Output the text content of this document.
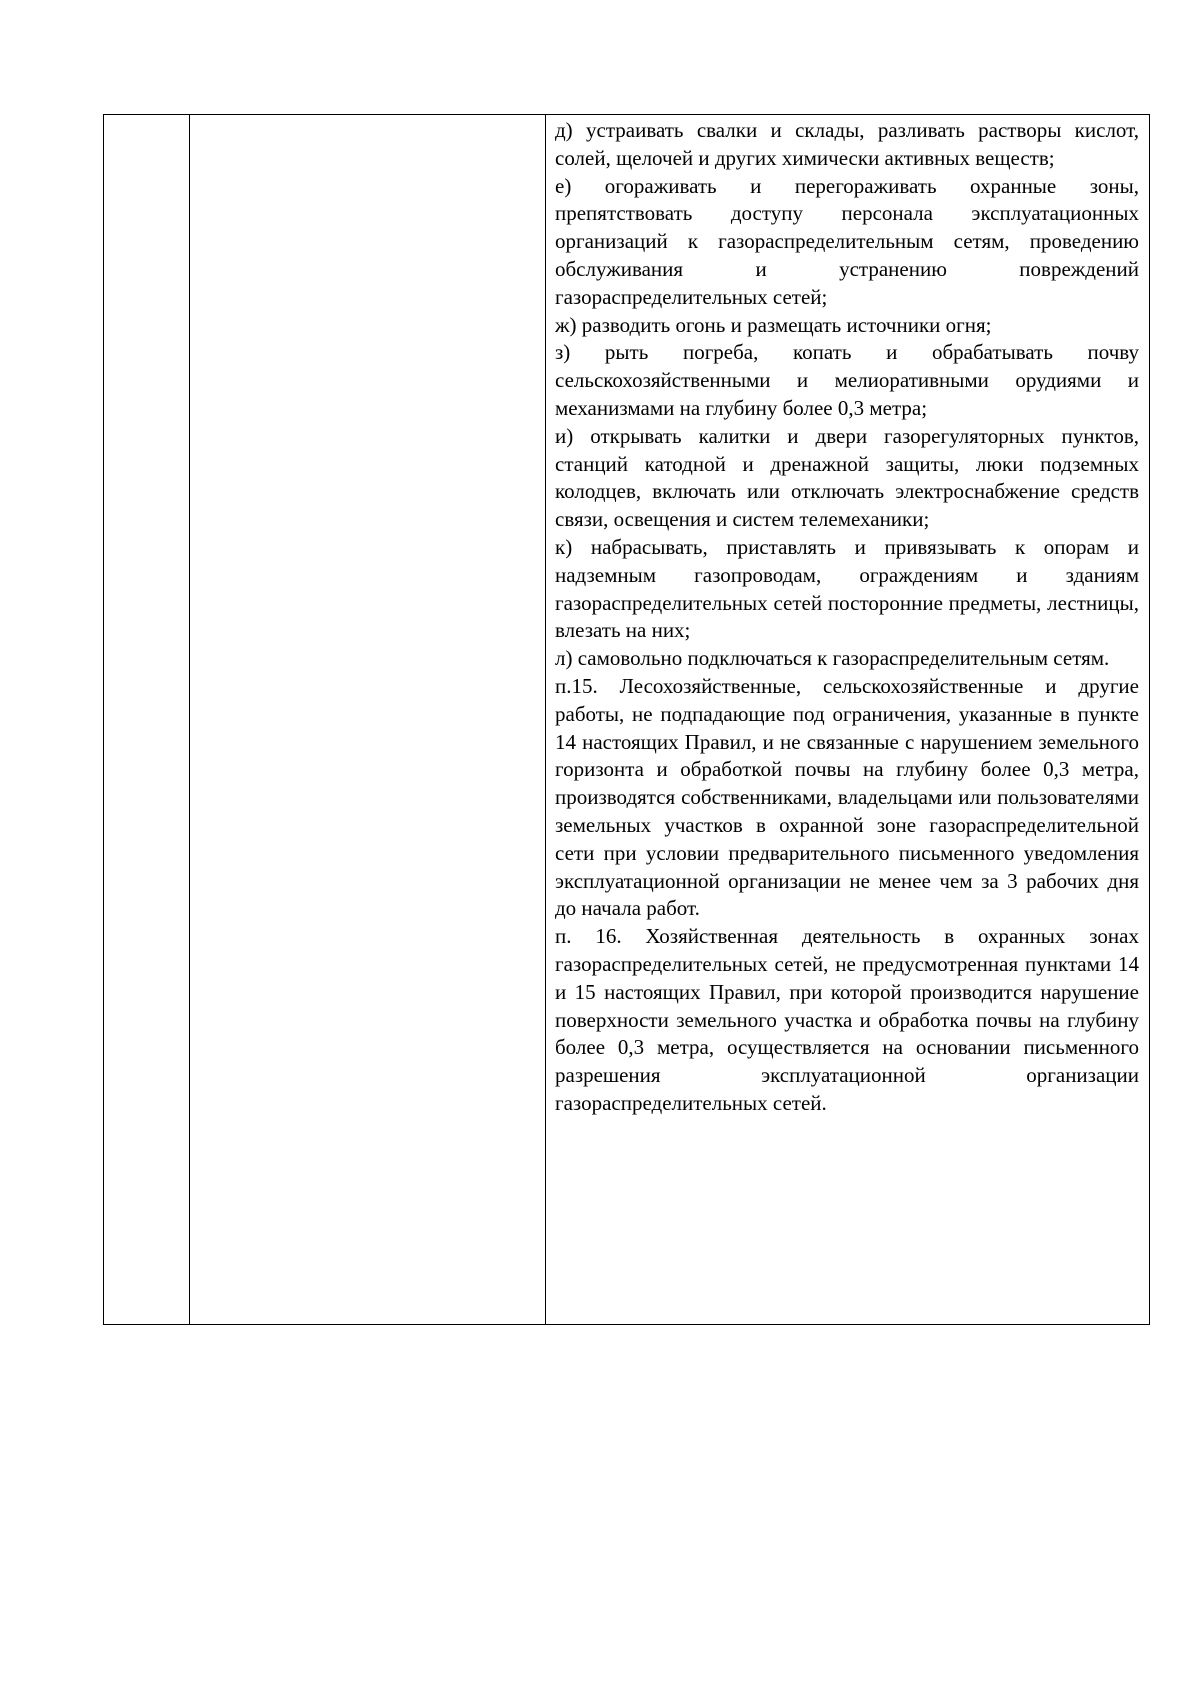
д) устраивать свалки и склады, разливать растворы кислот, солей, щелочей и других химически активных веществ;

е) огораживать и перегораживать охранные зоны, препятствовать доступу персонала эксплуатационных организаций к газораспределительным сетям, проведению обслуживания и устранению повреждений газораспределительных сетей;

ж) разводить огонь и размещать источники огня;

з) рыть погреба, копать и обрабатывать почву сельскохозяйственными и мелиоративными орудиями и механизмами на глубину более 0,3 метра;

и) открывать калитки и двери газорегуляторных пунктов, станций катодной и дренажной защиты, люки подземных колодцев, включать или отключать электроснабжение средств связи, освещения и систем телемеханики;

к) набрасывать, приставлять и привязывать к опорам и надземным газопроводам, ограждениям и зданиям газораспределительных сетей посторонние предметы, лестницы, влезать на них;

л) самовольно подключаться к газораспределительным сетям.

п.15. Лесохозяйственные, сельскохозяйственные и другие работы, не подпадающие под ограничения, указанные в пункте 14 настоящих Правил, и не связанные с нарушением земельного горизонта и обработкой почвы на глубину более 0,3 метра, производятся собственниками, владельцами или пользователями земельных участков в охранной зоне газораспределительной сети при условии предварительного письменного уведомления эксплуатационной организации не менее чем за 3 рабочих дня до начала работ.

п. 16. Хозяйственная деятельность в охранных зонах газораспределительных сетей, не предусмотренная пунктами 14 и 15 настоящих Правил, при которой производится нарушение поверхности земельного участка и обработка почвы на глубину более 0,3 метра, осуществляется на основании письменного разрешения эксплуатационной организации газораспределительных сетей.
